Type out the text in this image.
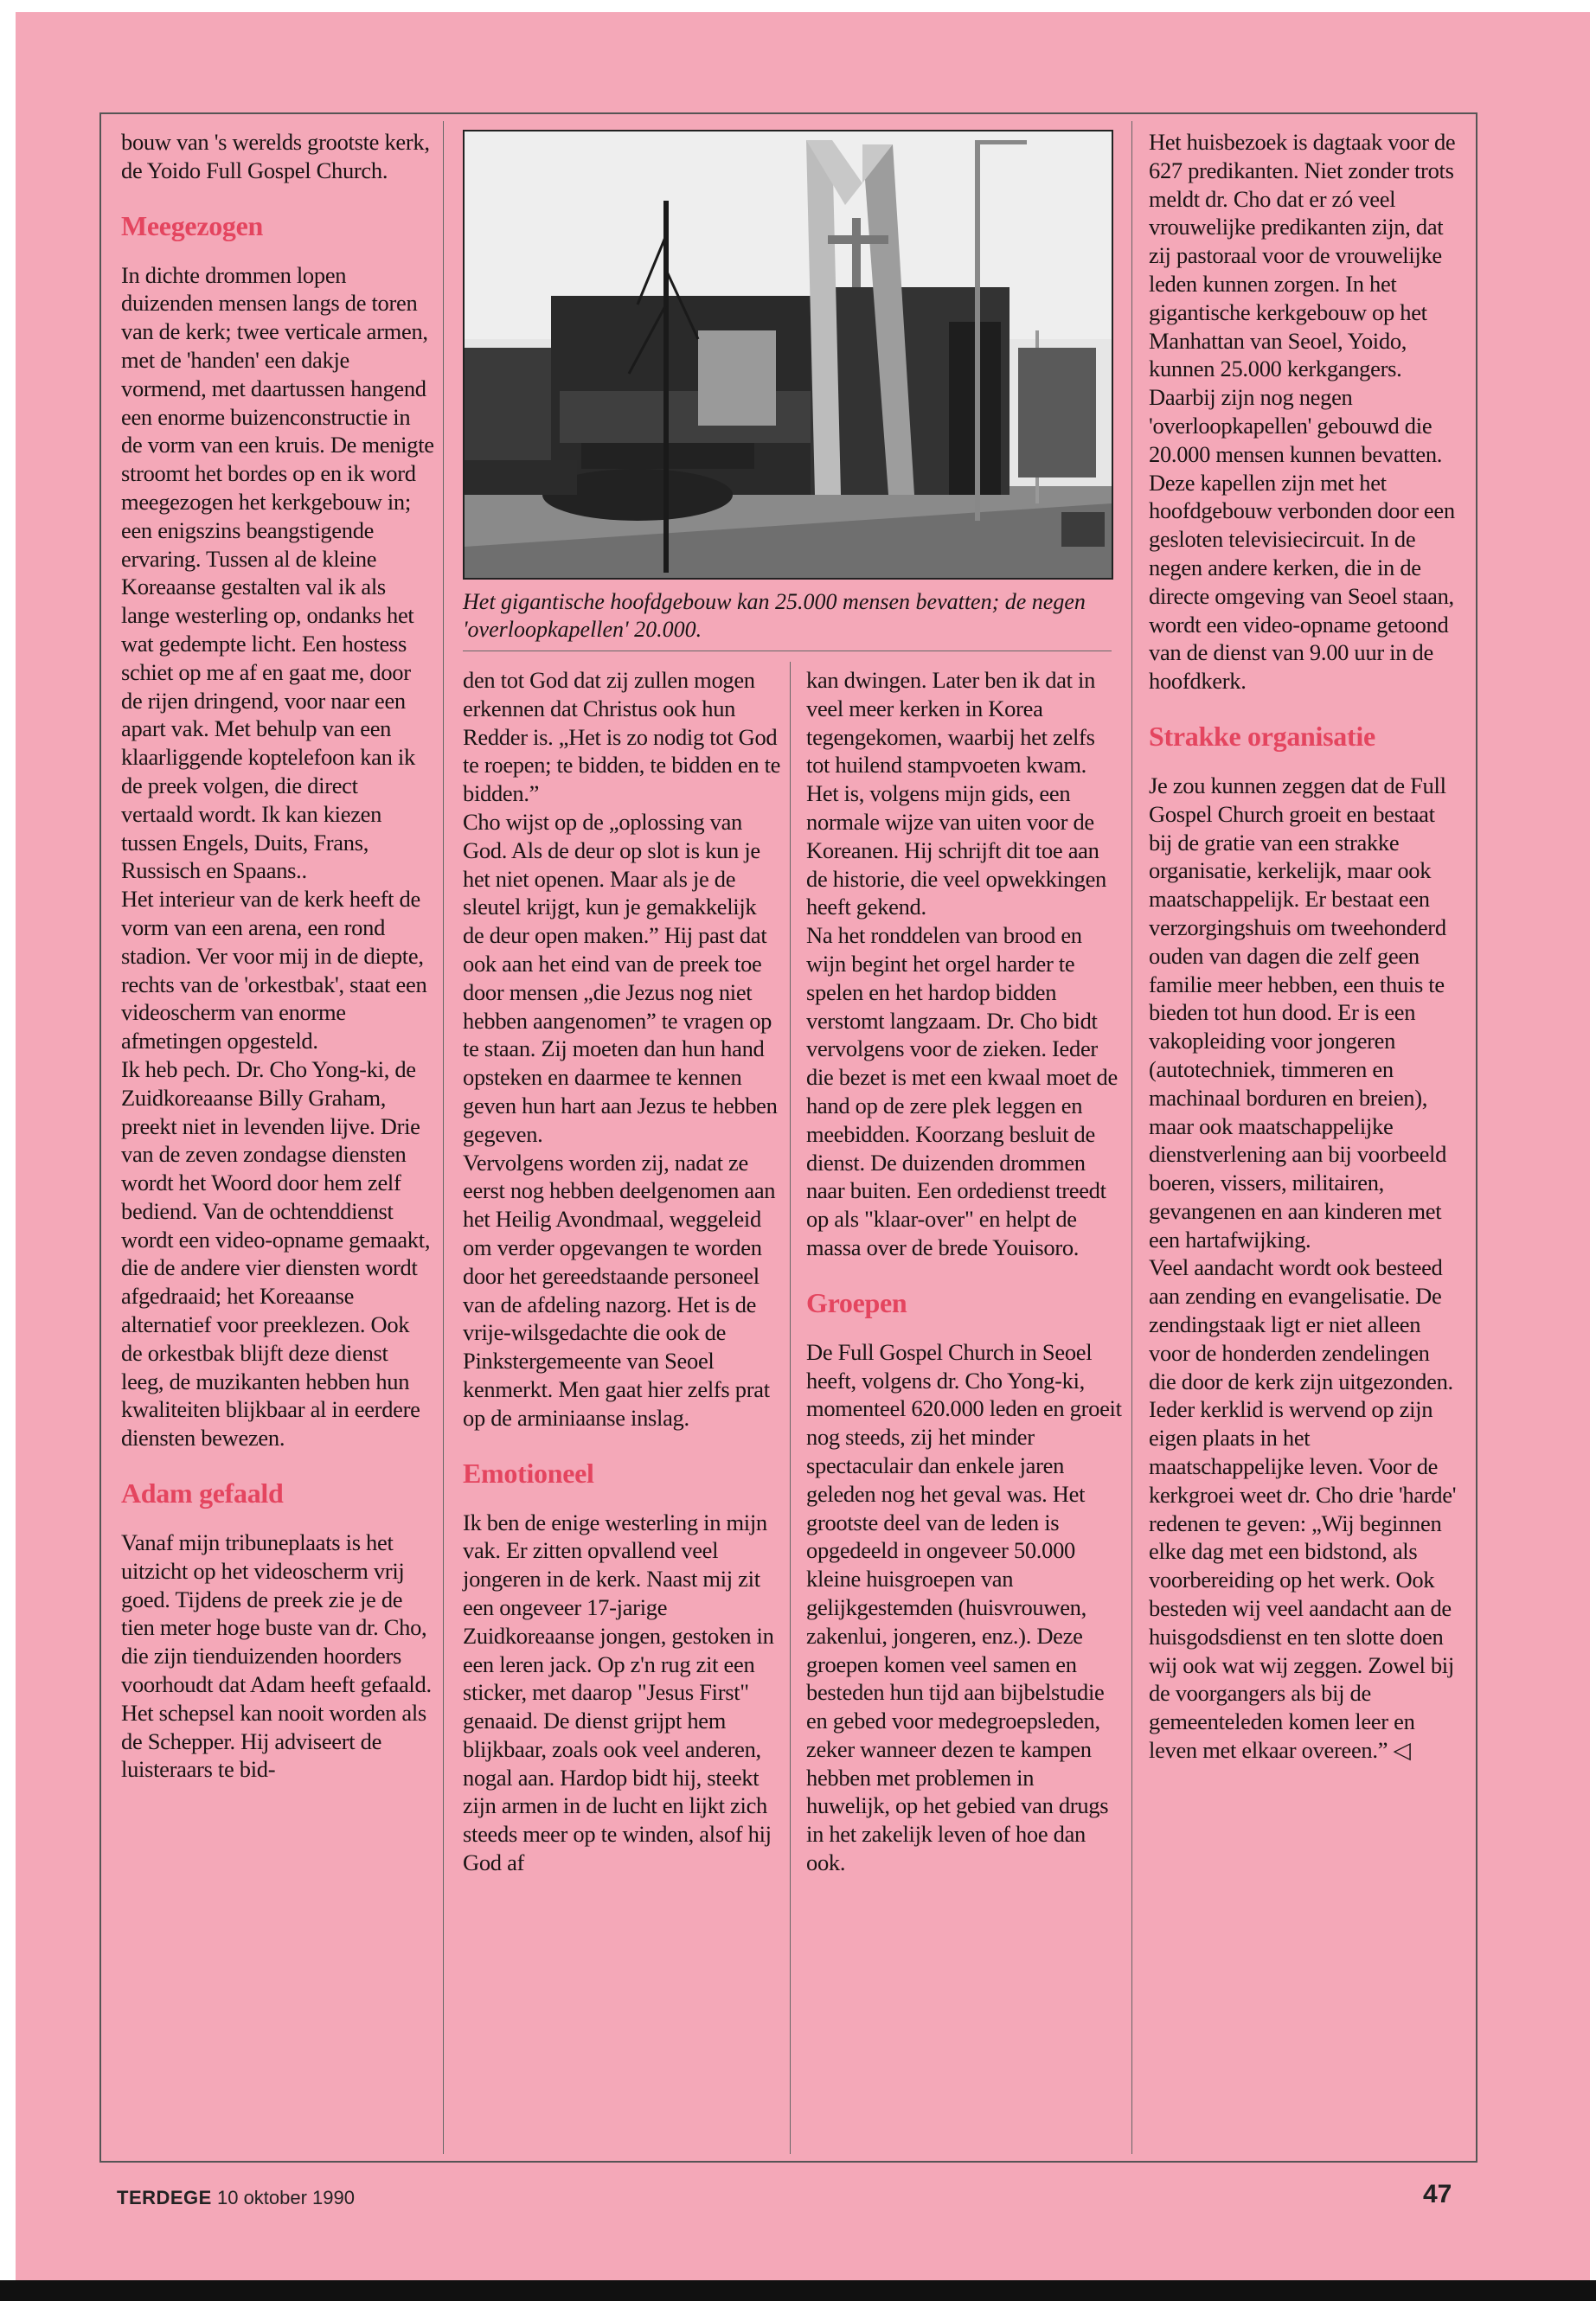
bouw van 's werelds grootste kerk, de Yoido Full Gospel Church.

Meegezogen

In dichte drommen lopen duizenden mensen langs de toren van de kerk; twee verticale armen, met de 'handen' een dakje vormend, met daartussen hangend een enorme buizenconstructie in de vorm van een kruis. De menigte stroomt het bordes op en ik word meegezogen het kerkgebouw in; een enigszins beangstigende ervaring. Tussen al de kleine Koreaanse gestalten val ik als lange westerling op, ondanks het wat gedempte licht. Een hostess schiet op me af en gaat me, door de rijen dringend, voor naar een apart vak. Met behulp van een klaarliggende koptelefoon kan ik de preek volgen, die direct vertaald wordt. Ik kan kiezen tussen Engels, Duits, Frans, Russisch en Spaans..

Het interieur van de kerk heeft de vorm van een arena, een rond stadion. Ver voor mij in de diepte, rechts van de 'orkestbak', staat een videoscherm van enorme afmetingen opgesteld.

Ik heb pech. Dr. Cho Yong-ki, de Zuidkoreaanse Billy Graham, preekt niet in levenden lijve. Drie van de zeven zondagse diensten wordt het Woord door hem zelf bediend. Van de ochtenddienst wordt een video-opname gemaakt, die de andere vier diensten wordt afgedraaid; het Koreaanse alternatief voor preeklezen. Ook de orkestbak blijft deze dienst leeg, de muzikanten hebben hun kwaliteiten blijkbaar al in eerdere diensten bewezen.

Adam gefaald

Vanaf mijn tribuneplaats is het uitzicht op het videoscherm vrij goed. Tijdens de preek zie je de tien meter hoge buste van dr. Cho, die zijn tienduizenden hoorders voorhoudt dat Adam heeft gefaald. Het schepsel kan nooit worden als de Schepper. Hij adviseert de luisteraars te bid-

Het gigantische hoofdgebouw kan 25.000 mensen bevatten; de negen 'overloopkapellen' 20.000.

den tot God dat zij zullen mogen erkennen dat Christus ook hun Redder is. „Het is zo nodig tot God te roepen; te bidden, te bidden en te bidden.”

Cho wijst op de „oplossing van God. Als de deur op slot is kun je het niet openen. Maar als je de sleutel krijgt, kun je gemakkelijk de deur open maken.” Hij past dat ook aan het eind van de preek toe door mensen „die Jezus nog niet hebben aangenomen” te vragen op te staan. Zij moeten dan hun hand opsteken en daarmee te kennen geven hun hart aan Jezus te hebben gegeven.

Vervolgens worden zij, nadat ze eerst nog hebben deelgenomen aan het Heilig Avondmaal, weggeleid om verder opgevangen te worden door het gereedstaande personeel van de afdeling nazorg. Het is de vrije-wilsgedachte die ook de Pinkstergemeente van Seoel kenmerkt. Men gaat hier zelfs prat op de arminiaanse inslag.

Emotioneel

Ik ben de enige westerling in mijn vak. Er zitten opvallend veel jongeren in de kerk. Naast mij zit een ongeveer 17-jarige Zuidkoreaanse jongen, gestoken in een leren jack. Op z'n rug zit een sticker, met daarop "Jesus First" genaaid. De dienst grijpt hem blijkbaar, zoals ook veel anderen, nogal aan. Hardop bidt hij, steekt zijn armen in de lucht en lijkt zich steeds meer op te winden, alsof hij God af

kan dwingen. Later ben ik dat in veel meer kerken in Korea tegengekomen, waarbij het zelfs tot huilend stampvoeten kwam. Het is, volgens mijn gids, een normale wijze van uiten voor de Koreanen. Hij schrijft dit toe aan de historie, die veel opwekkingen heeft gekend.

Na het ronddelen van brood en wijn begint het orgel harder te spelen en het hardop bidden verstomt langzaam. Dr. Cho bidt vervolgens voor de zieken. Ieder die bezet is met een kwaal moet de hand op de zere plek leggen en meebidden. Koorzang besluit de dienst. De duizenden drommen naar buiten. Een ordedienst treedt op als "klaar-over" en helpt de massa over de brede Youisoro.

Groepen

De Full Gospel Church in Seoel heeft, volgens dr. Cho Yong-ki, momenteel 620.000 leden en groeit nog steeds, zij het minder spectaculair dan enkele jaren geleden nog het geval was. Het grootste deel van de leden is opgedeeld in ongeveer 50.000 kleine huisgroepen van gelijkgestemden (huisvrouwen, zakenlui, jongeren, enz.). Deze groepen komen veel samen en besteden hun tijd aan bijbelstudie en gebed voor medegroepsleden, zeker wanneer dezen te kampen hebben met problemen in huwelijk, op het gebied van drugs in het zakelijk leven of hoe dan ook.

Het huisbezoek is dagtaak voor de 627 predikanten. Niet zonder trots meldt dr. Cho dat er zó veel vrouwelijke predikanten zijn, dat zij pastoraal voor de vrouwelijke leden kunnen zorgen. In het gigantische kerkgebouw op het Manhattan van Seoel, Yoido, kunnen 25.000 kerkgangers. Daarbij zijn nog negen 'overloopkapellen' gebouwd die 20.000 mensen kunnen bevatten. Deze kapellen zijn met het hoofdgebouw verbonden door een gesloten televisiecircuit. In de negen andere kerken, die in de directe omgeving van Seoel staan, wordt een video-opname getoond van de dienst van 9.00 uur in de hoofdkerk.

Strakke organisatie

Je zou kunnen zeggen dat de Full Gospel Church groeit en bestaat bij de gratie van een strakke organisatie, kerkelijk, maar ook maatschappelijk. Er bestaat een verzorgingshuis om tweehonderd ouden van dagen die zelf geen familie meer hebben, een thuis te bieden tot hun dood. Er is een vakopleiding voor jongeren (autotechniek, timmeren en machinaal borduren en breien), maar ook maatschappelijke dienstverlening aan bij voorbeeld boeren, vissers, militairen, gevangenen en aan kinderen met een hartafwijking.

Veel aandacht wordt ook besteed aan zending en evangelisatie. De zendingstaak ligt er niet alleen voor de honderden zendelingen die door de kerk zijn uitgezonden. Ieder kerklid is wervend op zijn eigen plaats in het maatschappelijke leven. Voor de kerkgroei weet dr. Cho drie 'harde' redenen te geven: „Wij beginnen elke dag met een bidstond, als voorbereiding op het werk. Ook besteden wij veel aandacht aan de huisgodsdienst en ten slotte doen wij ook wat wij zeggen. Zowel bij de voorgangers als bij de gemeenteleden komen leer en leven met elkaar overeen.” ◁

TERDEGE 10 oktober 1990	47
